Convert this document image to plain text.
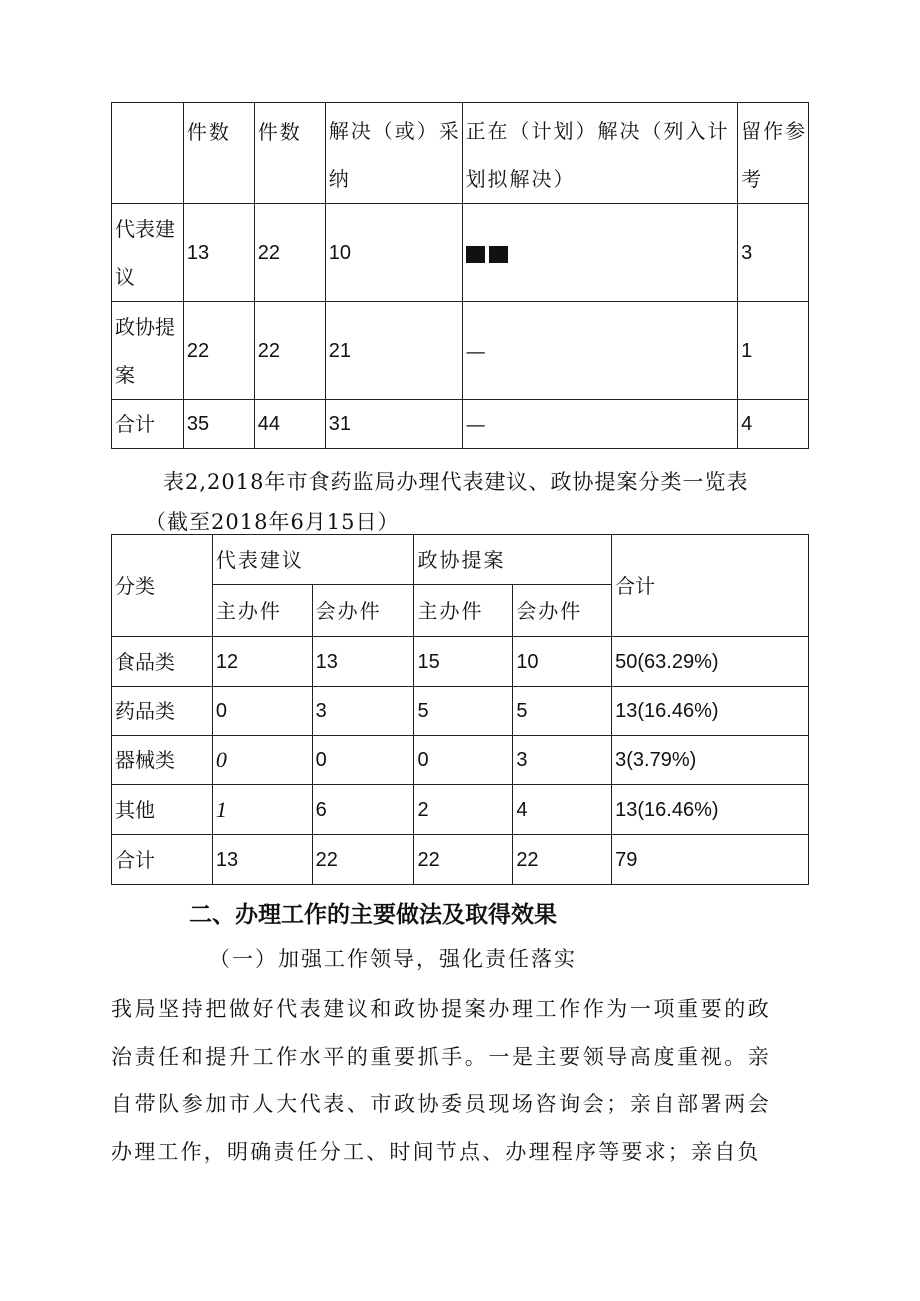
	件数	件数	解决（或）采纳	正在（计划）解决（列入计划拟解决）	留作参考
代表建议	13	22	10		3
政协提案	22	22	21	—	1
合计	35	44	31	—	4
表2,2018年市食药监局办理代表建议、政协提案分类一览表
（截至2018年6月15日）
分类	代表建议		政协提案		合计
	主办件	会办件	主办件	会办件	
食品类	12	13	15	10	50(63.29%)
药品类	0	3	5	5	13(16.46%)
器械类	0	0	0	3	3(3.79%)
其他	1	6	2	4	13(16.46%)
合计	13	22	22	22	79
二、办理工作的主要做法及取得效果
（一）加强工作领导，强化责任落实
我局坚持把做好代表建议和政协提案办理工作作为一项重要的政治责任和提升工作水平的重要抓手。一是主要领导高度重视。亲自带队参加市人大代表、市政协委员现场咨询会；亲自部署两会办理工作，明确责任分工、时间节点、办理程序等要求；亲自负
